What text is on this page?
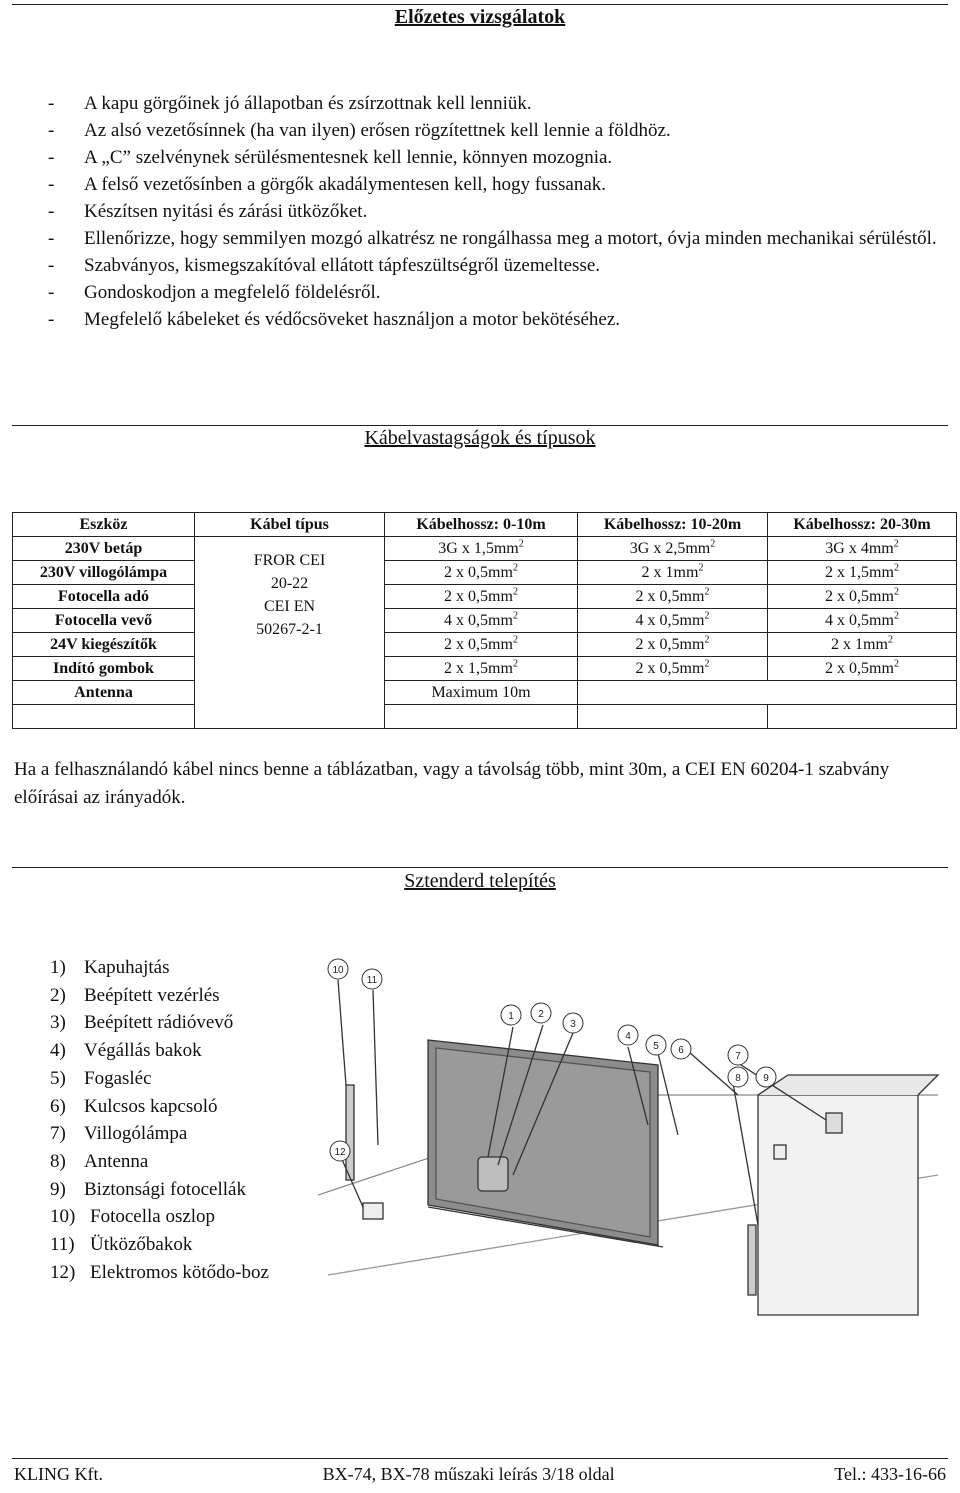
Előzetes vizsgálatok
- A kapu görgőinek jó állapotban és zsírzottnak kell lenniük.
- Az alsó vezetősínnek (ha van ilyen) erősen rögzítettnek kell lennie a földhöz.
- A „C” szelvénynek sérülésmentesnek kell lennie, könnyen mozognia.
- A felső vezetősínben a görgők akadálymentesen kell, hogy fussanak.
- Készítsen nyitási és zárási ütközőket.
- Ellenőrizze, hogy semmilyen mozgó alkatrész ne rongálhassa meg a motort, óvja minden mechanikai sérüléstől.
- Szabványos, kismegszakítóval ellátott tápfeszültségről üzemeltesse.
- Gondoskodjon a megfelelő földelésről.
- Megfelelő kábeleket és védőcsöveket használjon a motor bekötéséhez.
Kábelvastagságok és típusok
Eszköz	Kábel típus	Kábelhossz: 0-10m	Kábelhossz: 10-20m	Kábelhossz: 20-30m
230V betáp	FROR CEI
20-22
CEI EN
50267-2-1	3G x $1,5mm^2$	3G x $2,5mm^2$	3G x $4mm^2$
230V villogólámpa		2 x $0,5mm^2$	2 x $1mm^2$	2 x $1,5mm^2$
Fotocella adó		2 x $0,5mm^2$	2 x $0,5mm^2$	2 x $0,5mm^2$
Fotocella vevő		4 x $0,5mm^2$	4 x $0,5mm^2$	4 x $0,5mm^2$
24V kiegészítők		2 x $0,5mm^2$	2 x $0,5mm^2$	2 x $1mm^2$
Indító gombok		2 x $1,5mm^2$	2 x $0,5mm^2$	2 x $0,5mm^2$
Antenna		Maximum 10m		

Ha a felhasználandó kábel nincs benne a táblázatban, vagy a távolság több, mint 30m, a CEI EN 60204-1 szabvány előírásai az irányadók.
Sztenderd telepítés
1) Kapuhajtás
2) Beépített vezérlés
3) Beépített rádióvevő
4) Végállás bakok
5) Fogasléc
6) Kulcsos kapcsoló
7) Villogólámpa
8) Antenna
9) Biztonsági fotocellák
10) Fotocella oszlop
11) Ütközőbakok
12) Elektromos kötődo-boz
10
11
1 2
3
4
5 6
7
8 9
12
KLING Kft.	BX-74, BX-78 műszaki leírás 3/18 oldal	Tel.: 433-16-66
